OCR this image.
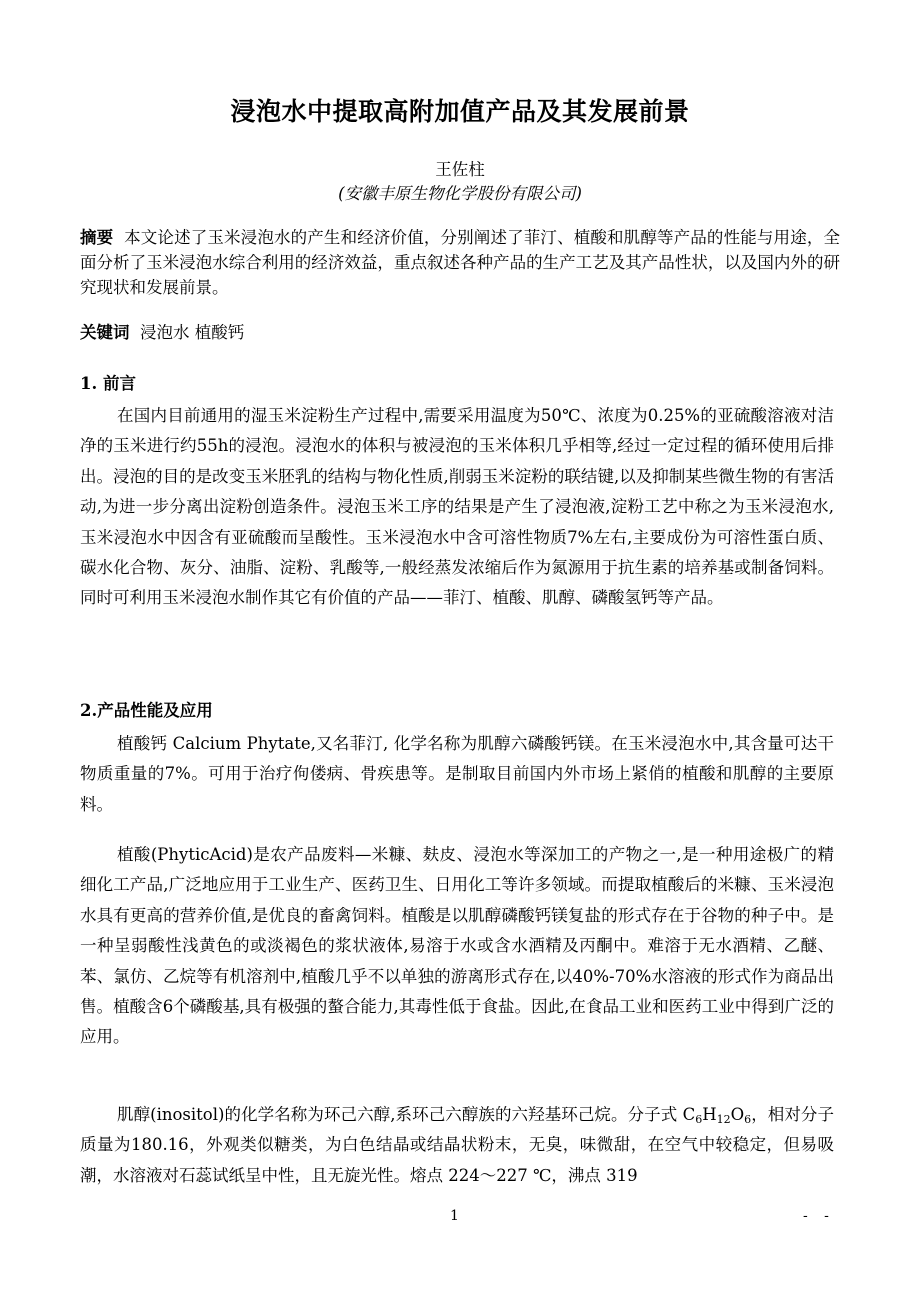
浸泡水中提取高附加值产品及其发展前景
王佐柱
(安徽丰原生物化学股份有限公司)
摘要 本文论述了玉米浸泡水的产生和经济价值，分别阐述了菲汀、植酸和肌醇等产品的性能与用途，全面分析了玉米浸泡水综合利用的经济效益，重点叙述各种产品的生产工艺及其产品性状，以及国内外的研究现状和发展前景。
关键词 浸泡水 植酸钙
1. 前言

在国内目前通用的湿玉米淀粉生产过程中,需要采用温度为50℃、浓度为0.25%的亚硫酸溶液对洁净的玉米进行约55h的浸泡。浸泡水的体积与被浸泡的玉米体积几乎相等,经过一定过程的循环使用后排出。浸泡的目的是改变玉米胚乳的结构与物化性质,削弱玉米淀粉的联结键,以及抑制某些微生物的有害活动,为进一步分离出淀粉创造条件。浸泡玉米工序的结果是产生了浸泡液,淀粉工艺中称之为玉米浸泡水,玉米浸泡水中因含有亚硫酸而呈酸性。玉米浸泡水中含可溶性物质7%左右,主要成份为可溶性蛋白质、碳水化合物、灰分、油脂、淀粉、乳酸等,一般经蒸发浓缩后作为氮源用于抗生素的培养基或制备饲料。同时可利用玉米浸泡水制作其它有价值的产品——菲汀、植酸、肌醇、磷酸氢钙等产品。

2.产品性能及应用

植酸钙 Calcium Phytate,又名菲汀, 化学名称为肌醇六磷酸钙镁。在玉米浸泡水中,其含量可达干物质重量的7%。可用于治疗佝偻病、骨疾患等。是制取目前国内外市场上紧俏的植酸和肌醇的主要原料。

植酸(PhyticAcid)是农产品废料—米糠、麸皮、浸泡水等深加工的产物之一,是一种用途极广的精细化工产品,广泛地应用于工业生产、医药卫生、日用化工等许多领域。而提取植酸后的米糠、玉米浸泡水具有更高的营养价值,是优良的畜禽饲料。植酸是以肌醇磷酸钙镁复盐的形式存在于谷物的种子中。是一种呈弱酸性浅黄色的或淡褐色的浆状液体,易溶于水或含水酒精及丙酮中。难溶于无水酒精、乙醚、苯、氯仿、乙烷等有机溶剂中,植酸几乎不以单独的游离形式存在,以40%-70%水溶液的形式作为商品出售。植酸含6个磷酸基,具有极强的螯合能力,其毒性低于食盐。因此,在食品工业和医药工业中得到广泛的应用。

肌醇(inositol)的化学名称为环己六醇,系环己六醇族的六羟基环己烷。分子式 $C_6H_{12}O_6$，相对分子质量为180.16，外观类似糖类，为白色结晶或结晶状粉末，无臭，味微甜，在空气中较稳定，但易吸潮，水溶液对石蕊试纸呈中性，且无旋光性。熔点 224～227 ℃，沸点 319

1	- -
